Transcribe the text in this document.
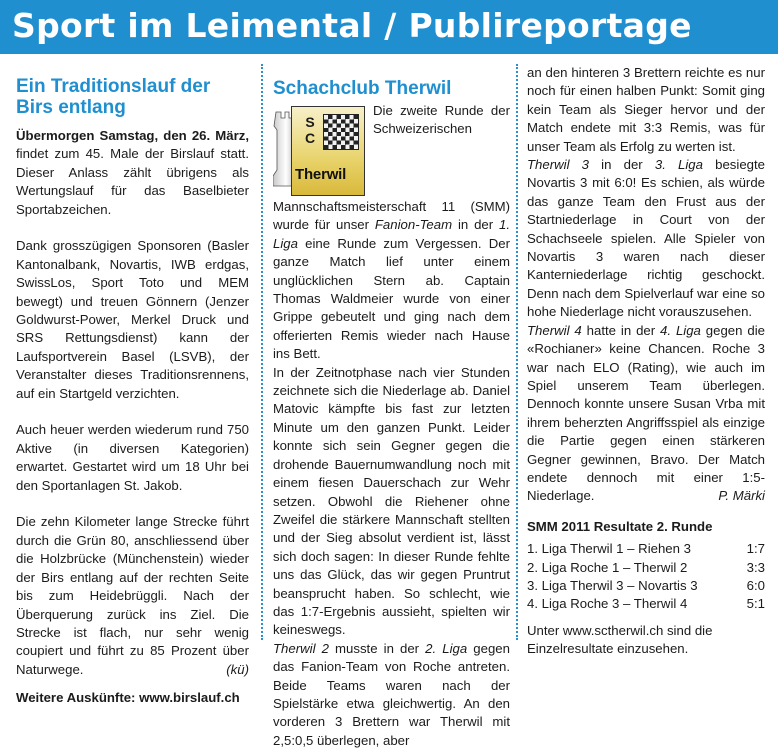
Sport im Leimental / Publireportage
Ein Traditionslauf der Birs entlang

Übermorgen Samstag, den 26. März, findet zum 45. Male der Birslauf statt. Dieser Anlass zählt übrigens als Wertungslauf für das Baselbieter Sportabzeichen.

Dank grosszügigen Sponsoren (Basler Kantonalbank, Novartis, IWB erdgas, SwissLos, Sport Toto und MEM bewegt) und treuen Gönnern (Jenzer Goldwurst-Power, Merkel Druck und SRS Rettungsdienst) kann der Laufsportverein Basel (LSVB), der Veranstalter dieses Traditionsrennens, auf ein Startgeld verzichten.

Auch heuer werden wiederum rund 750 Aktive (in diversen Kategorien) erwartet. Gestartet wird um 18 Uhr bei den Sportanlagen St. Jakob.

Die zehn Kilometer lange Strecke führt durch die Grün 80, anschliessend über die Holzbrücke (Münchenstein) wieder der Birs entlang auf der rechten Seite bis zum Heidebrüggli. Nach der Überquerung zurück ins Ziel. Die Strecke ist flach, nur sehr wenig coupiert und führt zu 85 Prozent über Naturwege.	(kü)

Weitere Auskünfte: www.birslauf.ch

Schachclub Therwil
S C
Therwil

Die zweite Runde der Schweizerischen Mannschaftsmeisterschaft 11 (SMM) wurde für unser Fanion-Team in der 1. Liga eine Runde zum Vergessen. Der ganze Match lief unter einem unglücklichen Stern ab. Captain Thomas Waldmeier wurde von einer Grippe gebeutelt und ging nach dem offerierten Remis wieder nach Hause ins Bett.

In der Zeitnotphase nach vier Stunden zeichnete sich die Niederlage ab. Daniel Matovic kämpfte bis fast zur letzten Minute um den ganzen Punkt. Leider konnte sich sein Gegner gegen die drohende Bauernumwandlung noch mit einem fiesen Dauerschach zur Wehr setzen. Obwohl die Riehener ohne Zweifel die stärkere Mannschaft stellten und der Sieg absolut verdient ist, lässt sich doch sagen: In dieser Runde fehlte uns das Glück, das wir gegen Pruntrut beansprucht haben. So schlecht, wie das 1:7-Ergebnis aussieht, spielten wir keineswegs.

Therwil 2 musste in der 2. Liga gegen das Fanion-Team von Roche antreten. Beide Teams waren nach der Spielstärke etwa gleichwertig. An den vorderen 3 Brettern war Therwil mit 2,5:0,5 überlegen, aber

an den hinteren 3 Brettern reichte es nur noch für einen halben Punkt: Somit ging kein Team als Sieger hervor und der Match endete mit 3:3 Remis, was für unser Team als Erfolg zu werten ist.

Therwil 3 in der 3. Liga besiegte Novartis 3 mit 6:0! Es schien, als würde das ganze Team den Frust aus der Startniederlage in Court von der Schachseele spielen. Alle Spieler von Novartis 3 waren nach dieser Kanterniederlage richtig geschockt. Denn nach dem Spielverlauf war eine so hohe Niederlage nicht vorauszusehen.

Therwil 4 hatte in der 4. Liga gegen die «Rochianer» keine Chancen. Roche 3 war nach ELO (Rating), wie auch im Spiel unserem Team überlegen. Dennoch konnte unsere Susan Vrba mit ihrem beherzten Angriffsspiel als einzige die Partie gegen einen stärkeren Gegner gewinnen, Bravo. Der Match endete dennoch mit einer 1:5-Niederlage.	P. Märki

SMM 2011 Resultate 2. Runde
1. Liga Therwil 1 – Riehen 3	1:7
2. Liga Roche 1 – Therwil 2	3:3
3. Liga Therwil 3 – Novartis 3	6:0
4. Liga Roche 3 – Therwil 4	5:1
Unter www.sctherwil.ch sind die Einzelresultate einzusehen.
